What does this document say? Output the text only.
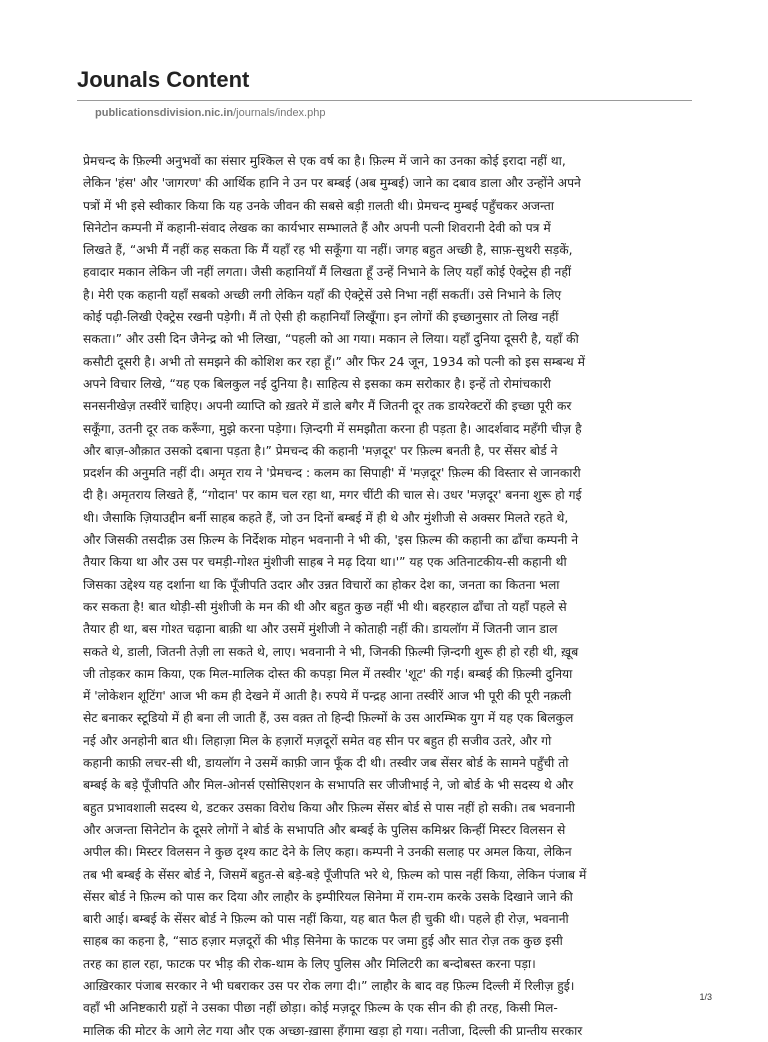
Jounals Content
publicationsdivision.nic.in/journals/index.php
प्रेमचन्द के फ़िल्मी अनुभवों का संसार मुश्किल से एक वर्ष का है। फ़िल्म में जाने का उनका कोई इरादा नहीं था,
लेकिन 'हंस' और 'जागरण' की आर्थिक हानि ने उन पर बम्बई (अब मुम्बई) जाने का दबाव डाला और उन्होंने अपने
पत्रों में भी इसे स्वीकार किया कि यह उनके जीवन की सबसे बड़ी ग़लती थी। प्रेमचन्द मुम्बई पहुँचकर अजन्ता
सिनेटोन कम्पनी में कहानी-संवाद लेखक का कार्यभार सम्भालते हैं और अपनी पत्नी शिवरानी देवी को पत्र में
लिखते हैं, “अभी मैं नहीं कह सकता कि मैं यहाँ रह भी सकूँगा या नहीं। जगह बहुत अच्छी है, साफ़-सुथरी सड़कें,
हवादार मकान लेकिन जी नहीं लगता। जैसी कहानियाँ मैं लिखता हूँ उन्हें निभाने के लिए यहाँ कोई ऐक्ट्रेस ही नहीं
है। मेरी एक कहानी यहाँ सबको अच्छी लगी लेकिन यहाँ की ऐक्ट्रेसें उसे निभा नहीं सकतीं। उसे निभाने के लिए
कोई पढ़ी-लिखी ऐक्ट्रेस रखनी पड़ेगी। मैं तो ऐसी ही कहानियाँ लिखूँगा। इन लोगों की इच्छानुसार तो लिख नहीं
सकता।” और उसी दिन जैनेन्द्र को भी लिखा, “पहली को आ गया। मकान ले लिया। यहाँ दुनिया दूसरी है, यहाँ की
कसौटी दूसरी है। अभी तो समझने की कोशिश कर रहा हूँ।” और फिर 24 जून, 1934 को पत्नी को इस सम्बन्ध में
अपने विचार लिखे, “यह एक बिलकुल नई दुनिया है। साहित्य से इसका कम सरोकार है। इन्हें तो रोमांचकारी
सनसनीखेज़ तस्वीरें चाहिए। अपनी व्याप्ति को ख़तरे में डाले बगैर मैं जितनी दूर तक डायरेक्टरों की इच्छा पूरी कर
सकूँगा, उतनी दूर तक करूँगा, मुझे करना पड़ेगा। ज़िन्दगी में समझौता करना ही पड़ता है। आदर्शवाद महँगी चीज़ है
और बाज़-औक़ात उसको दबाना पड़ता है।” प्रेमचन्द की कहानी 'मज़दूर' पर फ़िल्म बनती है, पर सेंसर बोर्ड ने
प्रदर्शन की अनुमति नहीं दी। अमृत राय ने 'प्रेमचन्द : कलम का सिपाही' में 'मज़दूर' फ़िल्म की विस्तार से जानकारी
दी है। अमृतराय लिखते हैं, “गोदान' पर काम चल रहा था, मगर चींटी की चाल से। उधर 'मज़दूर' बनना शुरू हो गई
थी। जैसाकि ज़ियाउद्दीन बर्नी साहब कहते हैं, जो उन दिनों बम्बई में ही थे और मुंशीजी से अक्सर मिलते रहते थे,
और जिसकी तसदीक़ उस फ़िल्म के निर्देशक मोहन भवनानी ने भी की, 'इस फ़िल्म की कहानी का ढाँचा कम्पनी ने
तैयार किया था और उस पर चमड़ी-गोश्त मुंशीजी साहब ने मढ़ दिया था।'” यह एक अतिनाटकीय-सी कहानी थी
जिसका उद्देश्य यह दर्शाना था कि पूँजीपति उदार और उन्नत विचारों का होकर देश का, जनता का कितना भला
कर सकता है! बात थोड़ी-सी मुंशीजी के मन की थी और बहुत कुछ नहीं भी थी। बहरहाल ढाँचा तो यहाँ पहले से
तैयार ही था, बस गोश्त चढ़ाना बाक़ी था और उसमें मुंशीजी ने कोताही नहीं की। डायलॉग में जितनी जान डाल
सकते थे, डाली, जितनी तेज़ी ला सकते थे, लाए। भवनानी ने भी, जिनकी फ़िल्मी ज़िन्दगी शुरू ही हो रही थी, ख़ूब
जी तोड़कर काम किया, एक मिल-मालिक दोस्त की कपड़ा मिल में तस्वीर 'शूट' की गई। बम्बई की फ़िल्मी दुनिया
में 'लोकेशन शूटिंग' आज भी कम ही देखने में आती है। रुपये में पन्द्रह आना तस्वीरें आज भी पूरी की पूरी नक़ली
सेट बनाकर स्टूडियो में ही बना ली जाती हैं, उस वक़्त तो हिन्दी फ़िल्मों के उस आरम्भिक युग में यह एक बिलकुल
नई और अनहोनी बात थी। लिहाज़ा मिल के हज़ारों मज़दूरों समेत वह सीन पर बहुत ही सजीव उतरे, और गो
कहानी काफ़ी लचर-सी थी, डायलॉग ने उसमें काफ़ी जान फूँक दी थी। तस्वीर जब सेंसर बोर्ड के सामने पहुँची तो
बम्बई के बड़े पूँजीपति और मिल-ओनर्स एसोसिएशन के सभापति सर जीजीभाई ने, जो बोर्ड के भी सदस्य थे और
बहुत प्रभावशाली सदस्य थे, डटकर उसका विरोध किया और फ़िल्म सेंसर बोर्ड से पास नहीं हो सकी। तब भवनानी
और अजन्ता सिनेटोन के दूसरे लोगों ने बोर्ड के सभापति और बम्बई के पुलिस कमिश्नर किन्हीं मिस्टर विलसन से
अपील की। मिस्टर विलसन ने कुछ दृश्य काट देने के लिए कहा। कम्पनी ने उनकी सलाह पर अमल किया, लेकिन
तब भी बम्बई के सेंसर बोर्ड ने, जिसमें बहुत-से बड़े-बड़े पूँजीपति भरे थे, फ़िल्म को पास नहीं किया, लेकिन पंजाब में
सेंसर बोर्ड ने फ़िल्म को पास कर दिया और लाहौर के इम्पीरियल सिनेमा में राम-राम करके उसके दिखाने जाने की
बारी आई। बम्बई के सेंसर बोर्ड ने फ़िल्म को पास नहीं किया, यह बात फैल ही चुकी थी। पहले ही रोज़, भवनानी
साहब का कहना है, “साठ हज़ार मज़दूरों की भीड़ सिनेमा के फाटक पर जमा हुई और सात रोज़ तक कुछ इसी
तरह का हाल रहा, फाटक पर भीड़ की रोक-थाम के लिए पुलिस और मिलिटरी का बन्दोबस्त करना पड़ा।
आख़िरकार पंजाब सरकार ने भी घबराकर उस पर रोक लगा दी।” लाहौर के बाद वह फ़िल्म दिल्ली में रिलीज़ हुई।
वहाँ भी अनिष्टकारी ग्रहों ने उसका पीछा नहीं छोड़ा। कोई मज़दूर फ़िल्म के एक सीन की ही तरह, किसी मिल-
मालिक की मोटर के आगे लेट गया और एक अच्छा-ख़ासा हँगामा खड़ा हो गया। नतीजा, दिल्ली की प्रान्तीय सरकार
1/3
